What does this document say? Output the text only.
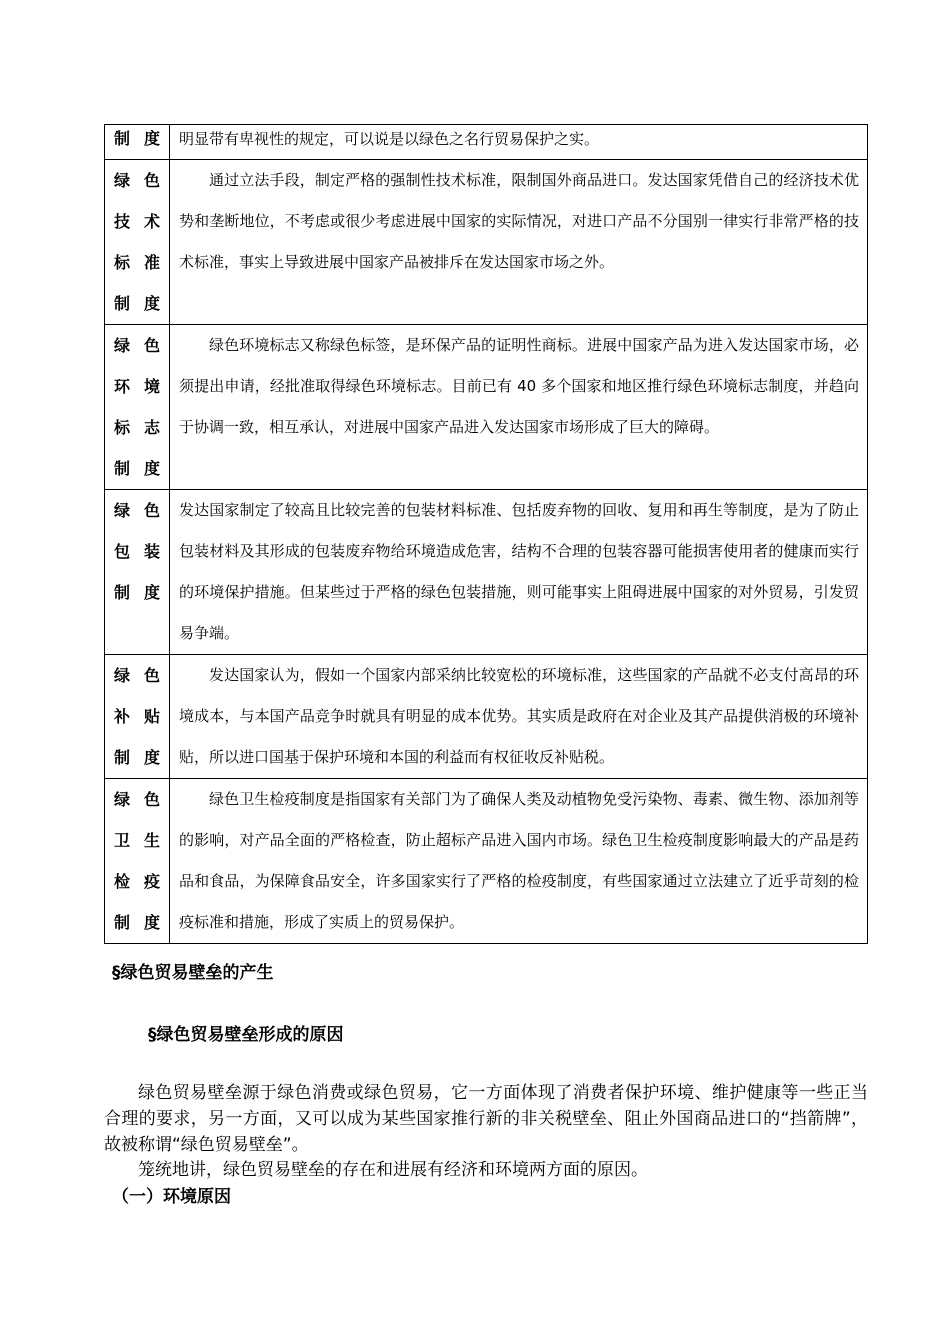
制度	明显带有卑视性的规定，可以说是以绿色之名行贸易保护之实。

绿色
技术
标准
制度	通过立法手段，制定严格的强制性技术标准，限制国外商品进口。发达国家凭借自己的经济技术优势和垄断地位，不考虑或很少考虑进展中国家的实际情况，对进口产品不分国别一律实行非常严格的技术标准，事实上导致进展中国家产品被排斥在发达国家市场之外。

绿色
环境
标志
制度	绿色环境标志又称绿色标签，是环保产品的证明性商标。进展中国家产品为进入发达国家市场，必须提出申请，经批准取得绿色环境标志。目前已有 40 多个国家和地区推行绿色环境标志制度，并趋向于协调一致，相互承认，对进展中国家产品进入发达国家市场形成了巨大的障碍。

绿色
包装
制度	发达国家制定了较高且比较完善的包装材料标准、包括废弃物的回收、复用和再生等制度，是为了防止包装材料及其形成的包装废弃物给环境造成危害，结构不合理的包装容器可能损害使用者的健康而实行的环境保护措施。但某些过于严格的绿色包装措施，则可能事实上阻碍进展中国家的对外贸易，引发贸易争端。

绿色
补贴
制度	发达国家认为，假如一个国家内部采纳比较宽松的环境标准，这些国家的产品就不必支付高昂的环境成本，与本国产品竞争时就具有明显的成本优势。其实质是政府在对企业及其产品提供消极的环境补贴，所以进口国基于保护环境和本国的利益而有权征收反补贴税。

绿色
卫生
检疫
制度	绿色卫生检疫制度是指国家有关部门为了确保人类及动植物免受污染物、毒素、微生物、添加剂等的影响，对产品全面的严格检查，防止超标产品进入国内市场。绿色卫生检疫制度影响最大的产品是药品和食品，为保障食品安全，许多国家实行了严格的检疫制度，有些国家通过立法建立了近乎苛刻的检疫标准和措施，形成了实质上的贸易保护。
§绿色贸易壁垒的产生
§绿色贸易壁垒形成的原因
绿色贸易壁垒源于绿色消费或绿色贸易，它一方面体现了消费者保护环境、维护健康等一些正当合理的要求，另一方面，又可以成为某些国家推行新的非关税壁垒、阻止外国商品进口的“挡箭牌”，故被称谓“绿色贸易壁垒”。
笼统地讲，绿色贸易壁垒的存在和进展有经济和环境两方面的原因。
（一）环境原因
